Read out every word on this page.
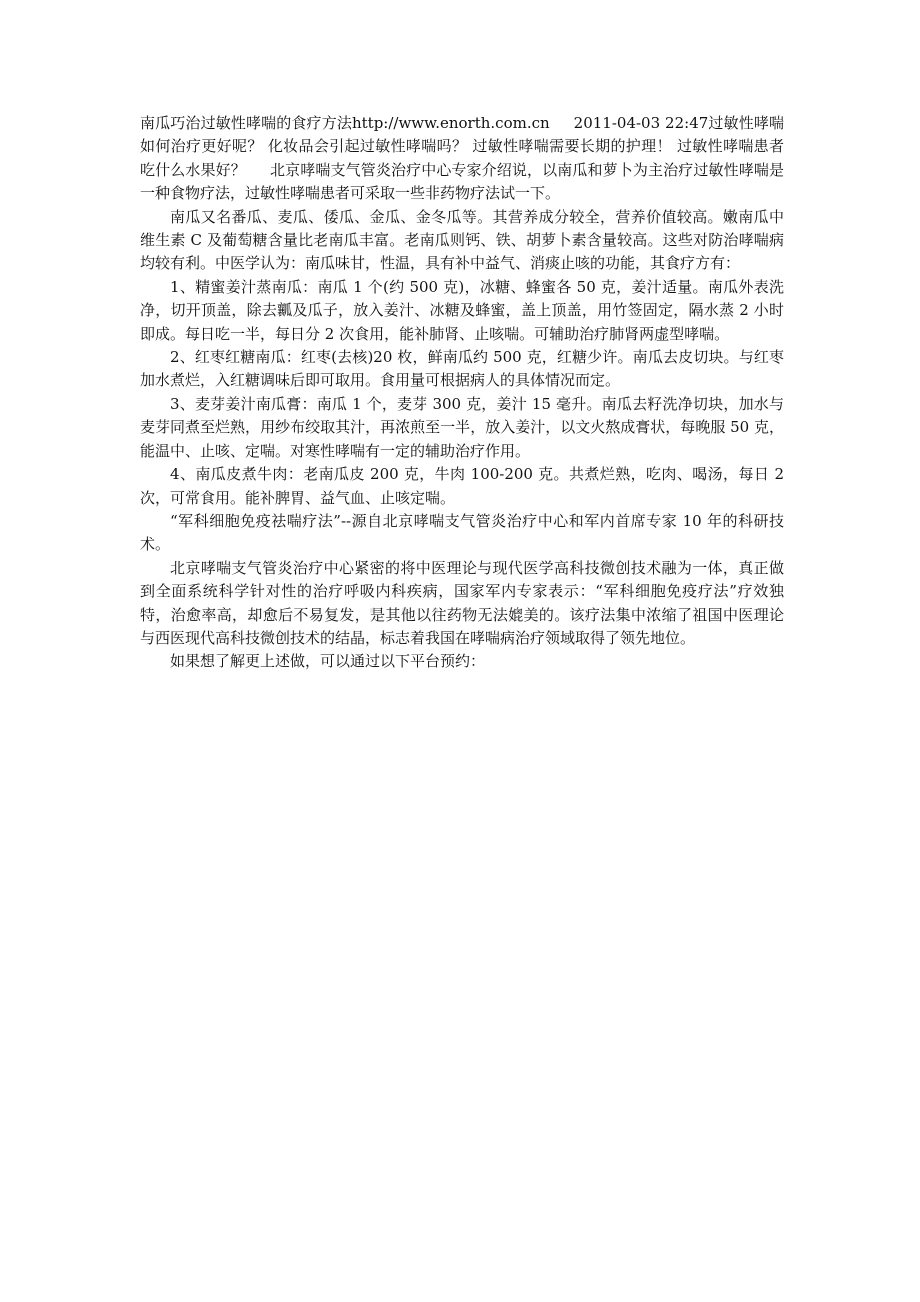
南瓜巧治过敏性哮喘的食疗方法http://www.enorth.com.cn 2011-04-03 22:47过敏性哮喘如何治疗更好呢？ 化妆品会引起过敏性哮喘吗？ 过敏性哮喘需要长期的护理！ 过敏性哮喘患者吃什么水果好？ 北京哮喘支气管炎治疗中心专家介绍说，以南瓜和萝卜为主治疗过敏性哮喘是一种食物疗法，过敏性哮喘患者可采取一些非药物疗法试一下。

南瓜又名番瓜、麦瓜、倭瓜、金瓜、金冬瓜等。其营养成分较全，营养价值较高。嫩南瓜中维生素 C 及葡萄糖含量比老南瓜丰富。老南瓜则钙、铁、胡萝卜素含量较高。这些对防治哮喘病均较有利。中医学认为：南瓜味甘，性温，具有补中益气、消痰止咳的功能，其食疗方有：

1、精蜜姜汁蒸南瓜：南瓜 1 个(约 500 克)，冰糖、蜂蜜各 50 克，姜汁适量。南瓜外表洗净，切开顶盖，除去瓤及瓜子，放入姜汁、冰糖及蜂蜜，盖上顶盖，用竹签固定，隔水蒸 2 小时即成。每日吃一半，每日分 2 次食用，能补肺肾、止咳喘。可辅助治疗肺肾两虚型哮喘。

2、红枣红糖南瓜：红枣(去核)20 枚，鲜南瓜约 500 克，红糖少许。南瓜去皮切块。与红枣加水煮烂，入红糖调味后即可取用。食用量可根据病人的具体情况而定。

3、麦芽姜汁南瓜膏：南瓜 1 个，麦芽 300 克，姜汁 15 毫升。南瓜去籽洗净切块，加水与麦芽同煮至烂熟，用纱布绞取其汁，再浓煎至一半，放入姜汁，以文火熬成膏状，每晚服 50 克，能温中、止咳、定喘。对寒性哮喘有一定的辅助治疗作用。

4、南瓜皮煮牛肉：老南瓜皮 200 克，牛肉 100-200 克。共煮烂熟，吃肉、喝汤，每日 2 次，可常食用。能补脾胃、益气血、止咳定喘。

“军科细胞免疫祛喘疗法”--源自北京哮喘支气管炎治疗中心和军内首席专家 10 年的科研技术。

北京哮喘支气管炎治疗中心紧密的将中医理论与现代医学高科技微创技术融为一体，真正做到全面系统科学针对性的治疗呼吸内科疾病，国家军内专家表示：“军科细胞免疫疗法”疗效独特，治愈率高，却愈后不易复发，是其他以往药物无法媲美的。该疗法集中浓缩了祖国中医理论与西医现代高科技微创技术的结晶，标志着我国在哮喘病治疗领域取得了领先地位。

如果想了解更上述做，可以通过以下平台预约：
